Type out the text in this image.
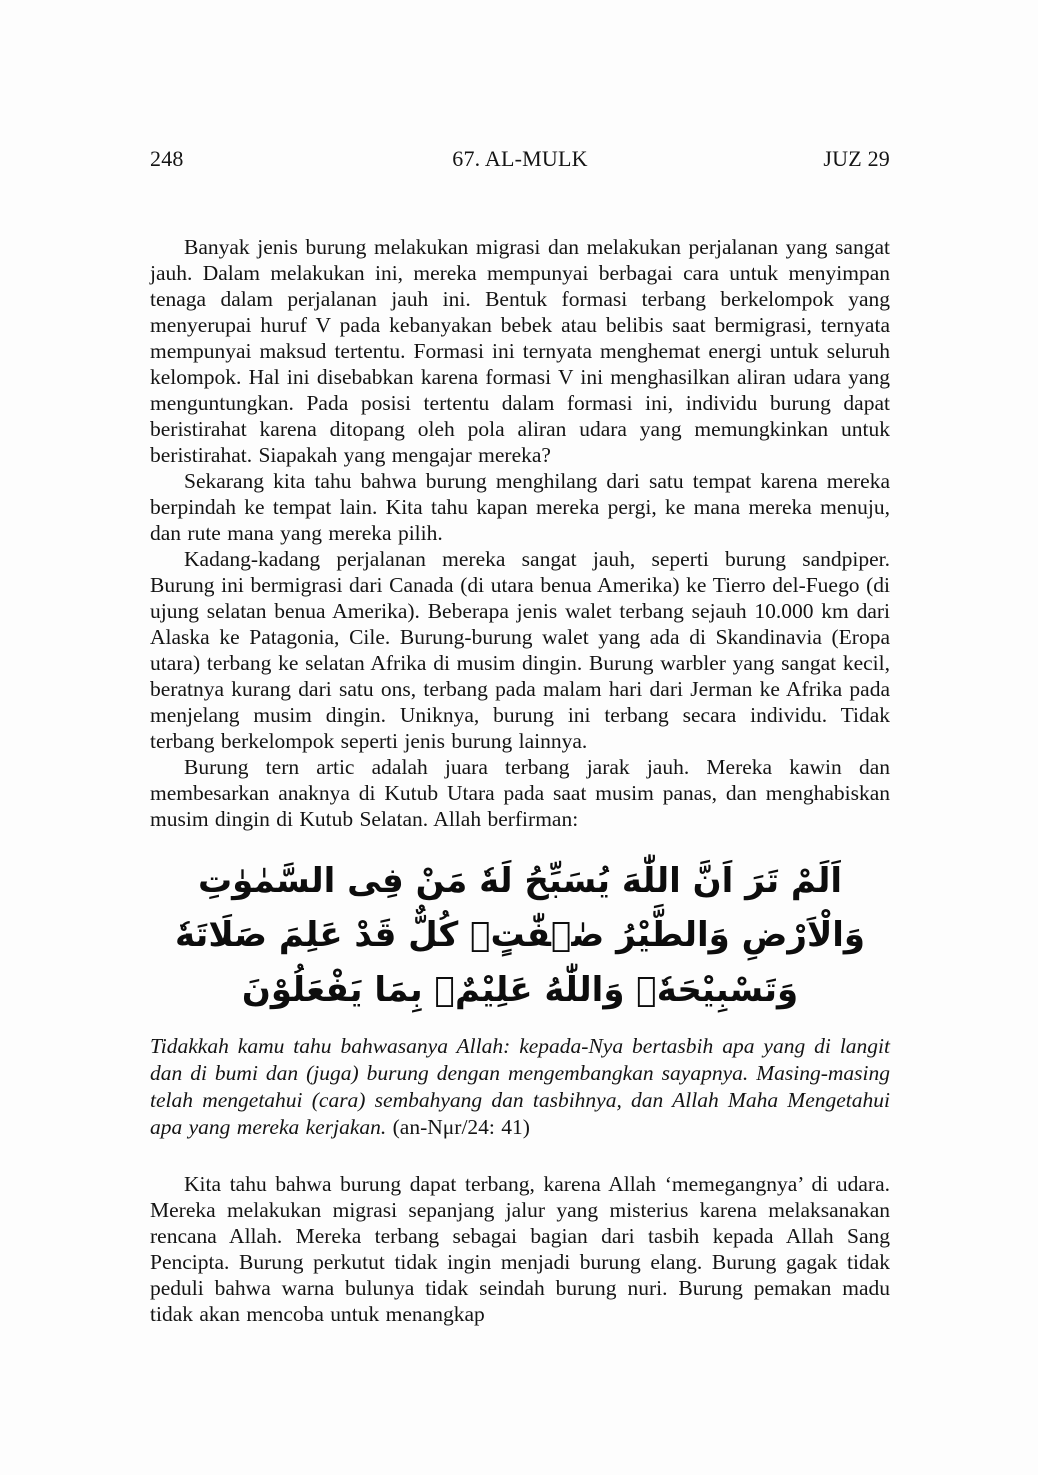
248	67. AL-MULK	JUZ 29

Banyak jenis burung melakukan migrasi dan melakukan perjalanan yang sangat jauh. Dalam melakukan ini, mereka mempunyai berbagai cara untuk menyimpan tenaga dalam perjalanan jauh ini. Bentuk formasi terbang berkelompok yang menyerupai huruf V pada kebanyakan bebek atau belibis saat bermigrasi, ternyata mempunyai maksud tertentu. Formasi ini ternyata menghemat energi untuk seluruh kelompok. Hal ini disebabkan karena formasi V ini menghasilkan aliran udara yang menguntungkan. Pada posisi tertentu dalam formasi ini, individu burung dapat beristirahat karena ditopang oleh pola aliran udara yang memungkinkan untuk beristirahat. Siapakah yang mengajar mereka?

Sekarang kita tahu bahwa burung menghilang dari satu tempat karena mereka berpindah ke tempat lain. Kita tahu kapan mereka pergi, ke mana mereka menuju, dan rute mana yang mereka pilih.

Kadang-kadang perjalanan mereka sangat jauh, seperti burung sandpiper. Burung ini bermigrasi dari Canada (di utara benua Amerika) ke Tierro del-Fuego (di ujung selatan benua Amerika). Beberapa jenis walet terbang sejauh 10.000 km dari Alaska ke Patagonia, Cile. Burung-burung walet yang ada di Skandinavia (Eropa utara) terbang ke selatan Afrika di musim dingin. Burung warbler yang sangat kecil, beratnya kurang dari satu ons, terbang pada malam hari dari Jerman ke Afrika pada menjelang musim dingin. Uniknya, burung ini terbang secara individu. Tidak terbang berkelompok seperti jenis burung lainnya.

Burung tern artic adalah juara terbang jarak jauh. Mereka kawin dan membesarkan anaknya di Kutub Utara pada saat musim panas, dan menghabiskan musim dingin di Kutub Selatan. Allah berfirman:

اَلَمْ تَرَ اَنَّ اللّٰهَ يُسَبِّحُ لَهٗ مَنْ فِى السَّمٰوٰتِ وَالْاَرْضِ وَالطَّيْرُ صٰۤفّٰتٍۗ كُلٌّ قَدْ عَلِمَ صَلَاتَهٗ
وَتَسْبِيْحَهٗۗ وَاللّٰهُ عَلِيْمٌۢ بِمَا يَفْعَلُوْنَ

Tidakkah kamu tahu bahwasanya Allah: kepada-Nya bertasbih apa yang di langit dan di bumi dan (juga) burung dengan mengembangkan sayapnya. Masing-masing telah mengetahui (cara) sembahyang dan tasbihnya, dan Allah Maha Mengetahui apa yang mereka kerjakan. (an-Nμr/24: 41)

Kita tahu bahwa burung dapat terbang, karena Allah ‘memegangnya’ di udara. Mereka melakukan migrasi sepanjang jalur yang misterius karena melaksanakan rencana Allah. Mereka terbang sebagai bagian dari tasbih kepada Allah Sang Pencipta. Burung perkutut tidak ingin menjadi burung elang. Burung gagak tidak peduli bahwa warna bulunya tidak seindah burung nuri. Burung pemakan madu tidak akan mencoba untuk menangkap
